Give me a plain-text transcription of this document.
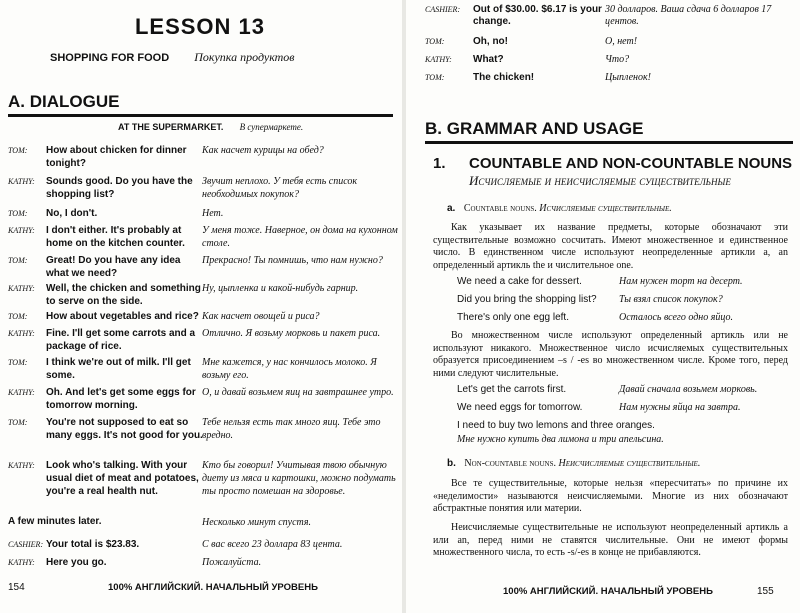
LESSON 13
SHOPPING FOR FOOD Покупка продуктов
A. DIALOGUE
AT THE SUPERMARKET. В супермаркете.
TOM:	How about chicken for dinner tonight?
Как насчет курицы на обед?
KATHY:	Sounds good. Do you have the shopping list?
Звучит неплохо. У тебя есть список необходимых покупок?
TOM:	No, I don't.	Нет.
KATHY:	I don't either. It's probably at home on the kitchen counter.
У меня тоже. Наверное, он дома на кухонном столе.
TOM:	Great! Do you have any idea what we need?
Прекрасно! Ты помнишь, что нам нужно?
KATHY:	Well, the chicken and something to serve on the side.
Ну, цыпленка и какой-нибудь гарнир.
TOM:	How about vegetables and rice? Как насчет овощей и риса?
KATHY:	Fine. I'll get some carrots and a package of rice.
Отлично. Я возьму морковь и пакет риса.
TOM:	I think we're out of milk. I'll get some.
Мне кажется, у нас кончилось молоко. Я возьму его.
KATHY:	Oh. And let's get some eggs for tomorrow morning.
О, и давай возьмем яиц на завтрашнее утро.
TOM:	You're not supposed to eat so many eggs. It's not good for you.
Тебе нельзя есть так много яиц. Тебе это вредно.
KATHY:	Look who's talking. With your usual diet of meat and potatoes, you're a real health nut.
Кто бы говорил! Учитывая твою обычную диету из мяса и картошки, можно подумать ты просто помешан на здоровье.
A few minutes later.	Несколько минут спустя.
CASHIER: Your total is $23.83.	С вас всего 23 доллара 83 цента.
KATHY:	Here you go.	Пожалуйста.
154	100% АНГЛИЙСКИЙ. НАЧАЛЬНЫЙ УРОВЕНЬ
CASHIER:	Out of $30.00. $6.17 is your change.
30 долларов. Ваша сдача 6 долларов 17 центов.
TOM:	Oh, no!	О, нет!
KATHY:	What?	Что?
TOM:	The chicken!	Цыпленок!
B. GRAMMAR AND USAGE
1. COUNTABLE AND NON-COUNTABLE NOUNS
Исчисляемые и неисчисляемые существительные
a. Countable nouns. Исчисляемые существительные.
Как указывает их название предметы, которые обозначают эти существительные возможно сосчитать. Имеют множественное и единственное число. В единственном числе используют неопределенные артикли a, an определенный артикль the и числительное one.
We need a cake for dessert.	Нам нужен торт на десерт.
Did you bring the shopping list? Ты взял список покупок?
There's only one egg left.	Осталось всего одно яйцо.
Во множественном числе используют определенный артикль или не используют никакого. Множественное число исчисляемых существительных образуется присоединением –s / -es во множественном числе. Кроме того, перед ними следуют числительные.
Let's get the carrots first.	Давай сначала возьмем морковь.
We need eggs for tomorrow.	Нам нужны яйца на завтра.
I need to buy two lemons and three oranges.
Мне нужно купить два лимона и три апельсина.
b. Non-countable nouns. Неисчисляемые существительные.
Все те существительные, которые нельзя «пересчитать» по причине их «неделимости» называются неисчисляемыми. Многие из них обозначают абстрактные понятия или материи.
Неисчисляемые существительные не используют неопределенный артикль a или an, перед ними не ставятся числительные. Они не имеют формы множественного числа, то есть -s/-es в конце не прибавляются.
100% АНГЛИЙСКИЙ. НАЧАЛЬНЫЙ УРОВЕНЬ	155
